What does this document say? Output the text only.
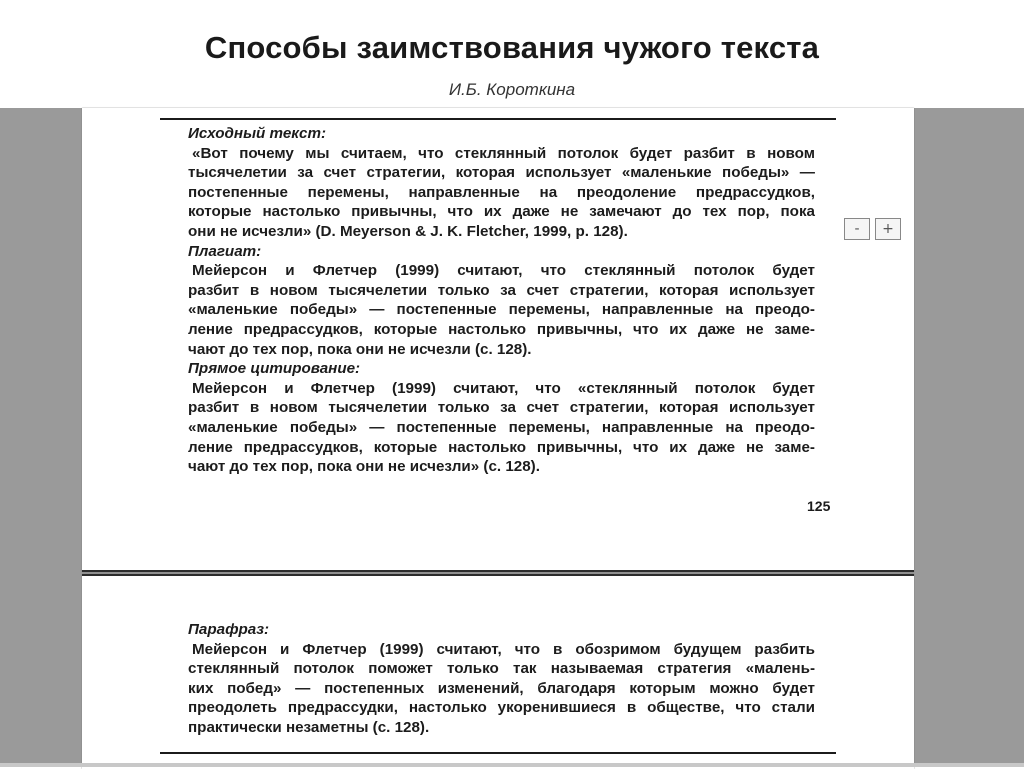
Способы заимствования чужого текста
И.Б. Короткина
Исходный текст:
«Вот почему мы считаем, что стеклянный потолок будет разбит в новом
тысячелетии за счет стратегии, которая использует «маленькие победы» —
постепенные перемены, направленные на преодоление предрассудков,
которые настолько привычны, что их даже не замечают до тех пор, пока
они не исчезли» (D. Meyerson & J. K. Fletcher, 1999, p. 128).
Плагиат:
Мейерсон и Флетчер (1999) считают, что стеклянный потолок будет
разбит в новом тысячелетии только за счет стратегии, которая использует
«маленькие победы» — постепенные перемены, направленные на преодо-
ление предрассудков, которые настолько привычны, что их даже не заме-
чают до тех пор, пока они не исчезли (с. 128).
Прямое цитирование:
Мейерсон и Флетчер (1999) считают, что «стеклянный потолок будет
разбит в новом тысячелетии только за счет стратегии, которая использует
«маленькие победы» — постепенные перемены, направленные на преодо-
ление предрассудков, которые настолько привычны, что их даже не заме-
чают до тех пор, пока они не исчезли» (с. 128).
125
Парафраз:
Мейерсон и Флетчер (1999) считают, что в обозримом будущем разбить
стеклянный потолок поможет только так называемая стратегия «малень-
ких побед» — постепенных изменений, благодаря которым можно будет
преодолеть предрассудки, настолько укоренившиеся в обществе, что стали
практически незаметны (с. 128).
-	+
